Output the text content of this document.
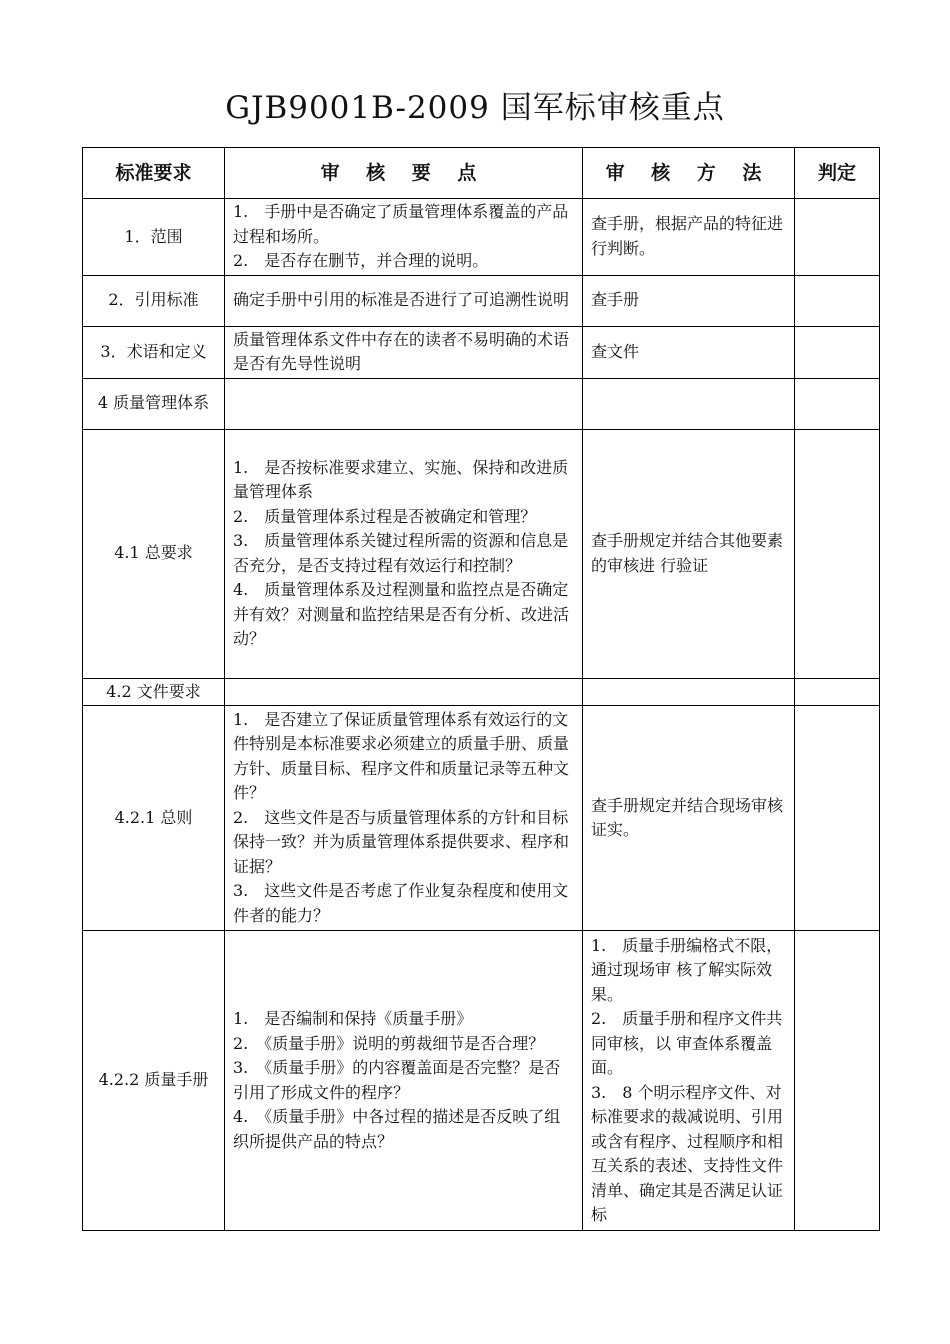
GJB9001B-2009 国军标审核重点
标准要求	审 核 要 点	审 核 方 法	判定
1．范围	1.　手册中是否确定了质量管理体系覆盖的产品过程和场所。
2.　是否存在删节，并合理的说明。	查手册，根据产品的特征进行判断。	

2．引用标准	确定手册中引用的标准是否进行了可追溯性说明	查手册	

3．术语和定义	质量管理体系文件中存在的读者不易明确的术语是否有先导性说明	查文件	

4 质量管理体系			
4.1 总要求	1.　是否按标准要求建立、实施、保持和改进质量管理体系
2.　质量管理体系过程是否被确定和管理？
3.　质量管理体系关键过程所需的资源和信息是否充分，是否支持过程有效运行和控制？
4.　质量管理体系及过程测量和监控点是否确定并有效？对测量和监控结果是否有分析、改进活动？	查手册规定并结合其他要素的审核进 行验证	

4.2 文件要求			
4.2.1 总则	1.　是否建立了保证质量管理体系有效运行的文件特别是本标准要求必须建立的质量手册、质量方针、质量目标、程序文件和质量记录等五种文件？
2.　这些文件是否与质量管理体系的方针和目标保持一致？并为质量管理体系提供要求、程序和证据？
3.　这些文件是否考虑了作业复杂程度和使用文件者的能力？	查手册规定并结合现场审核证实。	

4.2.2 质量手册	1.　是否编制和保持《质量手册》
2.　《质量手册》说明的剪裁细节是否合理？
3.　《质量手册》的内容覆盖面是否完整？是否引用了形成文件的程序？
4.　《质量手册》中各过程的描述是否反映了组织所提供产品的特点？	1.　质量手册编格式不限，通过现场审 核了解实际效果。
2.　质量手册和程序文件共同审核，以 审查体系覆盖面。
3.　8 个明示程序文件、对标准要求的裁减说明、引用或含有程序、过程顺序和相互关系的表述、支持性文件清单、确定其是否满足认证标	
